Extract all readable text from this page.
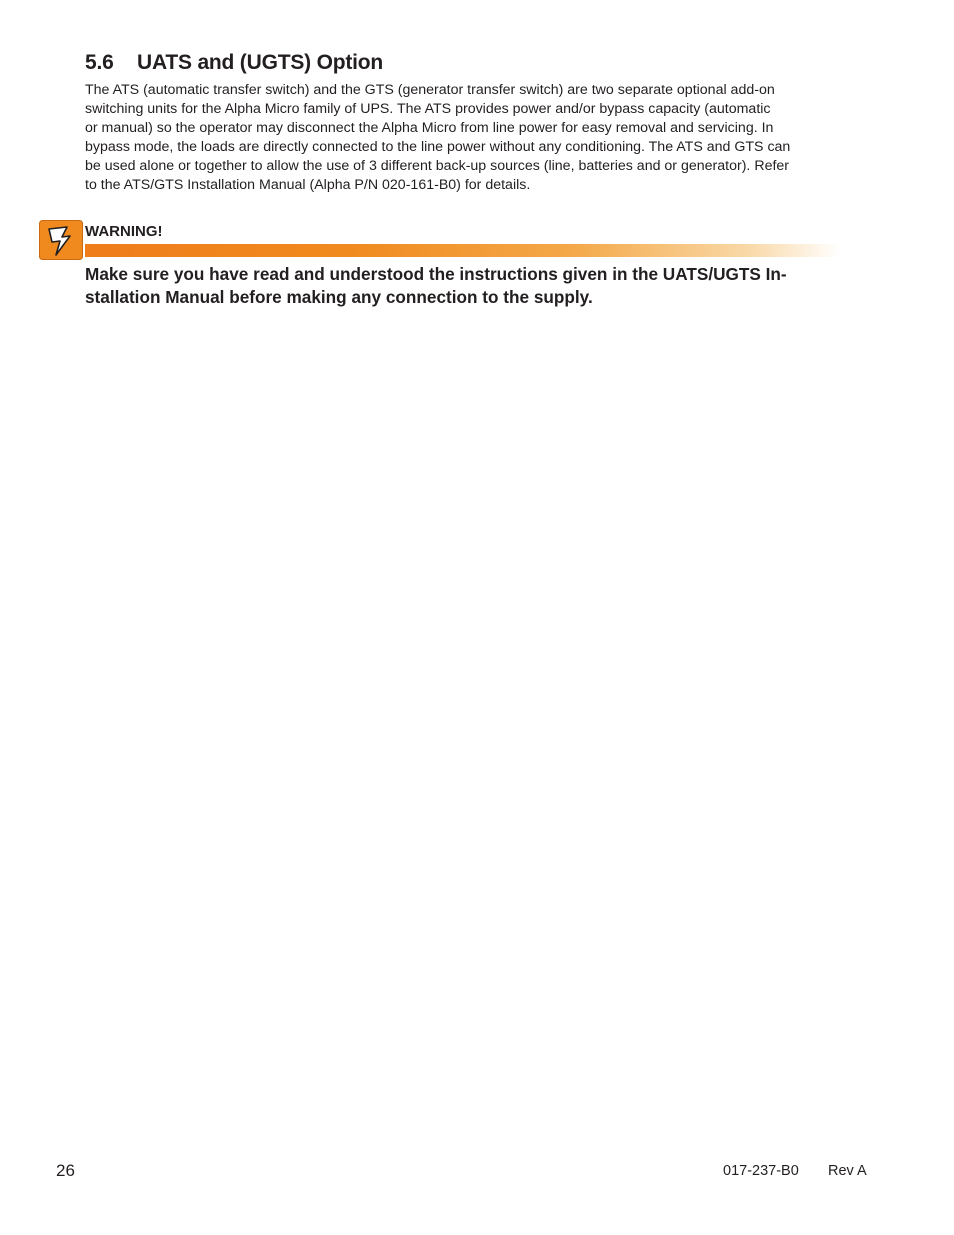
5.6 UATS and (UGTS) Option

The ATS (automatic transfer switch) and the GTS (generator transfer switch) are two separate optional add-on
switching units for the Alpha Micro family of UPS. The ATS provides power and/or bypass capacity (automatic
or manual) so the operator may disconnect the Alpha Micro from line power for easy removal and servicing. In
bypass mode, the loads are directly connected to the line power without any conditioning. The ATS and GTS can
be used alone or together to allow the use of 3 different back-up sources (line, batteries and or generator). Refer
to the ATS/GTS Installation Manual (Alpha P/N 020-161-B0) for details.

WARNING!

Make sure you have read and understood the instructions given in the UATS/UGTS In-
stallation Manual before making any connection to the supply.

26	017-237-B0 Rev A
